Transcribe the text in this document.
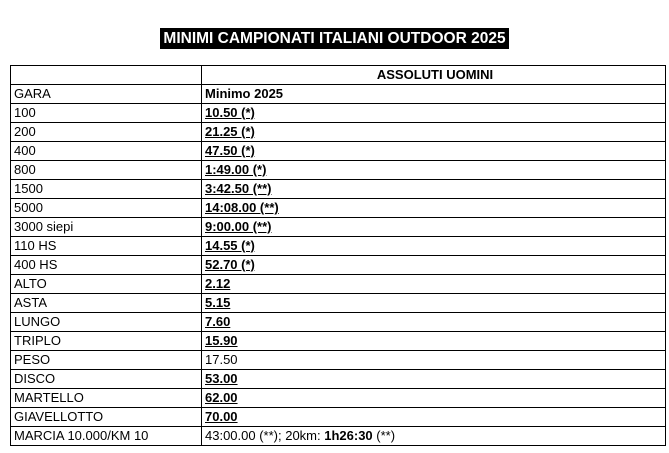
MINIMI CAMPIONATI ITALIANI OUTDOOR 2025
	ASSOLUTI UOMINI
GARA	Minimo 2025
100	10.50 (*)
200	21.25 (*)
400	47.50 (*)
800	1:49.00 (*)
1500	3:42.50 (**)
5000	14:08.00 (**)
3000 siepi	9:00.00 (**)
110 HS	14.55 (*)
400 HS	52.70 (*)
ALTO	2.12
ASTA	5.15
LUNGO	7.60
TRIPLO	15.90
PESO	17.50
DISCO	53.00
MARTELLO	62.00
GIAVELLOTTO	70.00
MARCIA 10.000/KM 10	43:00.00 (**); 20km: 1h26:30 (**)
